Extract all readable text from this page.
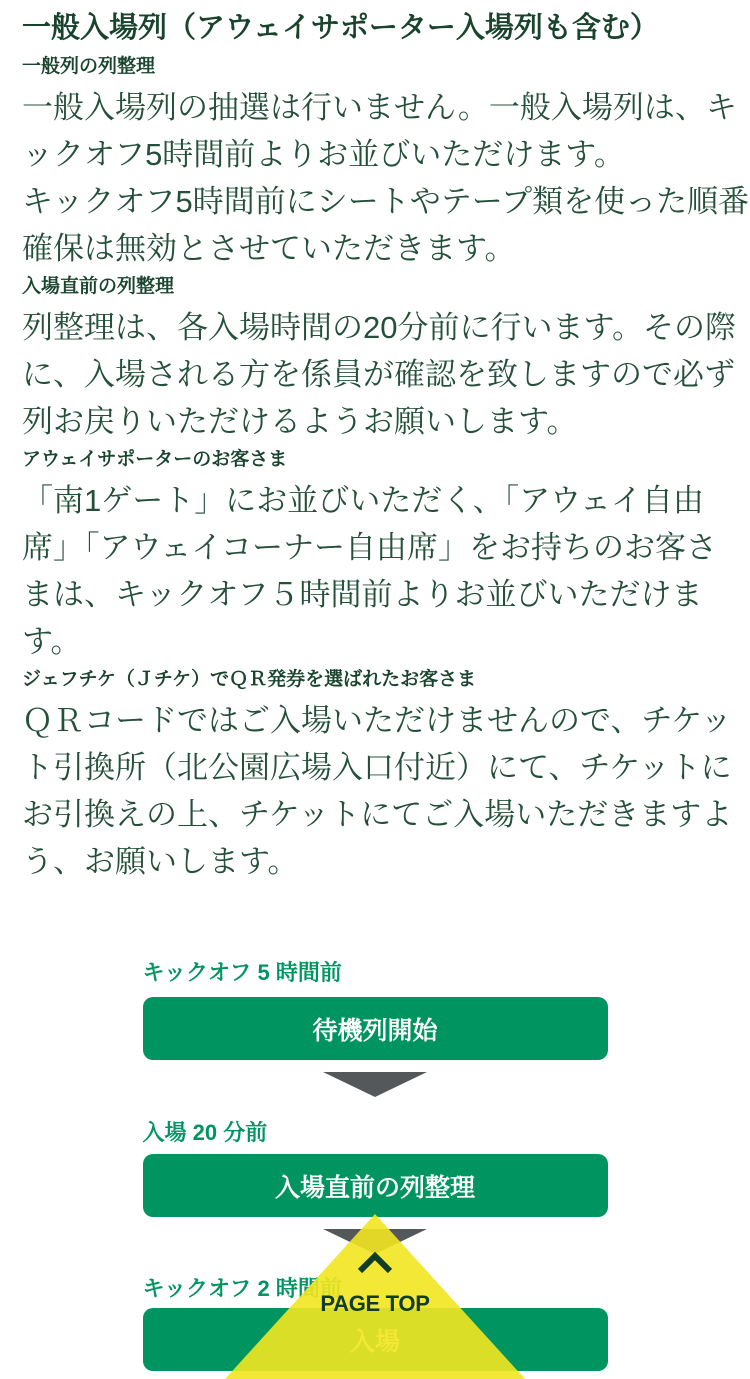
一般入場列（アウェイサポーター入場列も含む）
一般列の列整理
一般入場列の抽選は行いません。一般入場列は、キ
ックオフ5時間前よりお並びいただけます。
キックオフ5時間前にシートやテープ類を使った順番
確保は無効とさせていただきます。
入場直前の列整理
列整理は、各入場時間の20分前に行います。その際
に、入場される方を係員が確認を致しますので必ず
列お戻りいただけるようお願いします。
アウェイサポーターのお客さま
「南1ゲート」にお並びいただく、「アウェイ自由
席」「アウェイコーナー自由席」をお持ちのお客さ
まは、キックオフ５時間前よりお並びいただけま
す。
ジェフチケ（Ｊチケ）でＱＲ発券を選ばれたお客さま
ＱＲコードではご入場いただけませんので、チケッ
ト引換所（北公園広場入口付近）にて、チケットに
お引換えの上、チケットにてご入場いただきますよ
う、お願いします。
キックオフ 5 時間前
待機列開始
入場 20 分前
入場直前の列整理
キックオフ 2 時間前
入場
PAGE TOP
